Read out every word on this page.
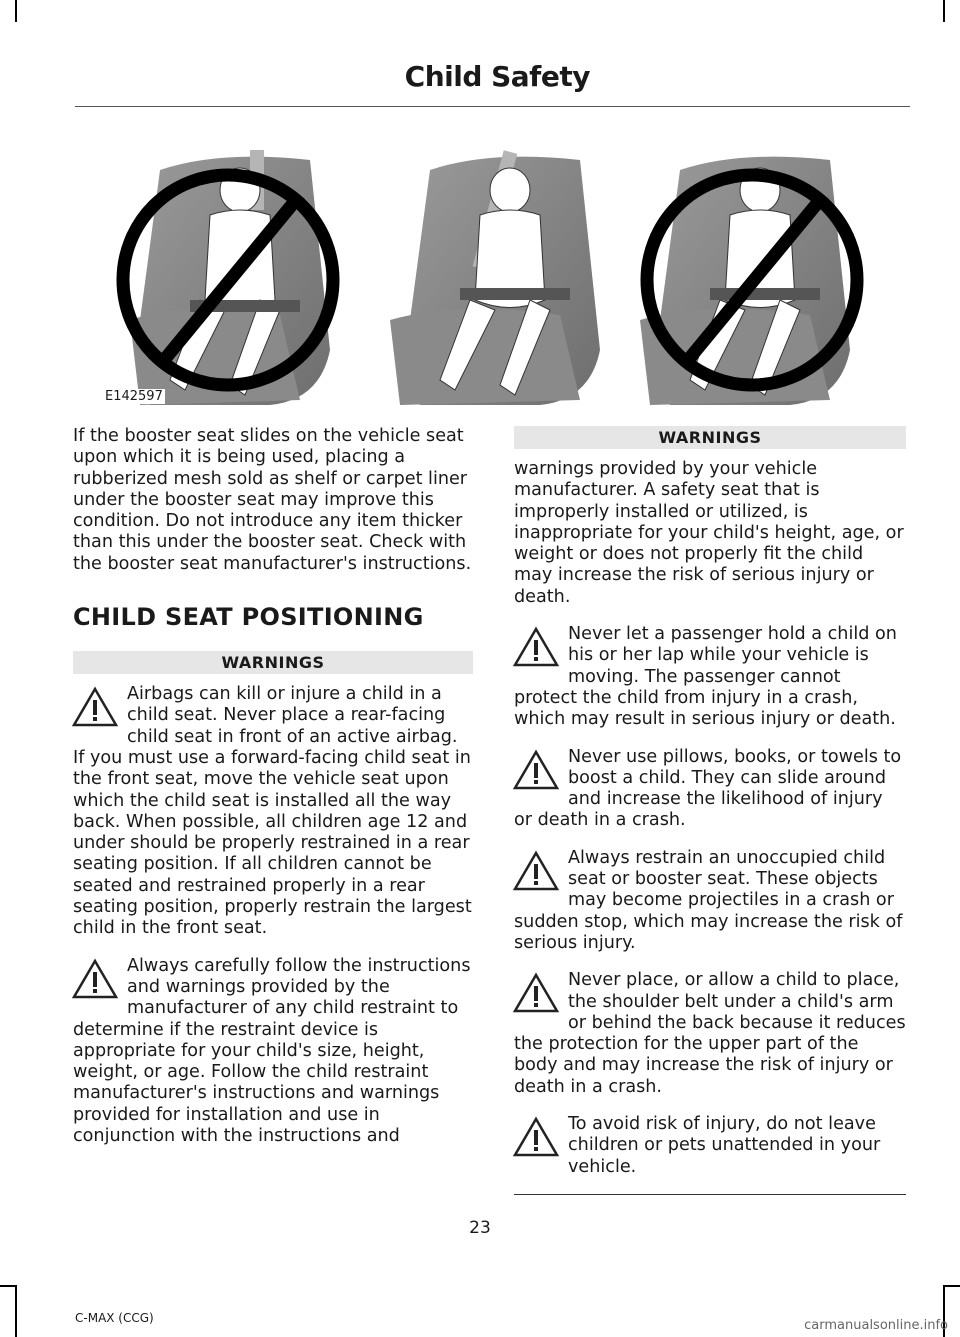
Child Safety
E142597

If the booster seat slides on the vehicle seat upon which it is being used, placing a rubberized mesh sold as shelf or carpet liner under the booster seat may improve this condition. Do not introduce any item thicker than this under the booster seat. Check with the booster seat manufacturer's instructions.

CHILD SEAT POSITIONING
WARNINGS
Airbags can kill or injure a child in a child seat. Never place a rear-facing child seat in front of an active airbag. If you must use a forward-facing child seat in the front seat, move the vehicle seat upon which the child seat is installed all the way back. When possible, all children age 12 and under should be properly restrained in a rear seating position. If all children cannot be seated and restrained properly in a rear seating position, properly restrain the largest child in the front seat.
Always carefully follow the instructions and warnings provided by the manufacturer of any child restraint to determine if the restraint device is appropriate for your child's size, height, weight, or age. Follow the child restraint manufacturer's instructions and warnings provided for installation and use in conjunction with the instructions and
WARNINGS

warnings provided by your vehicle manufacturer. A safety seat that is improperly installed or utilized, is inappropriate for your child's height, age, or weight or does not properly fit the child may increase the risk of serious injury or death.

Never let a passenger hold a child on his or her lap while your vehicle is moving. The passenger cannot protect the child from injury in a crash, which may result in serious injury or death.
Never use pillows, books, or towels to boost a child. They can slide around and increase the likelihood of injury or death in a crash.
Always restrain an unoccupied child seat or booster seat. These objects may become projectiles in a crash or sudden stop, which may increase the risk of serious injury.
Never place, or allow a child to place, the shoulder belt under a child's arm or behind the back because it reduces the protection for the upper part of the body and may increase the risk of injury or death in a crash.
To avoid risk of injury, do not leave children or pets unattended in your vehicle.
23
C-MAX (CCG)	carmanualsonline.info
